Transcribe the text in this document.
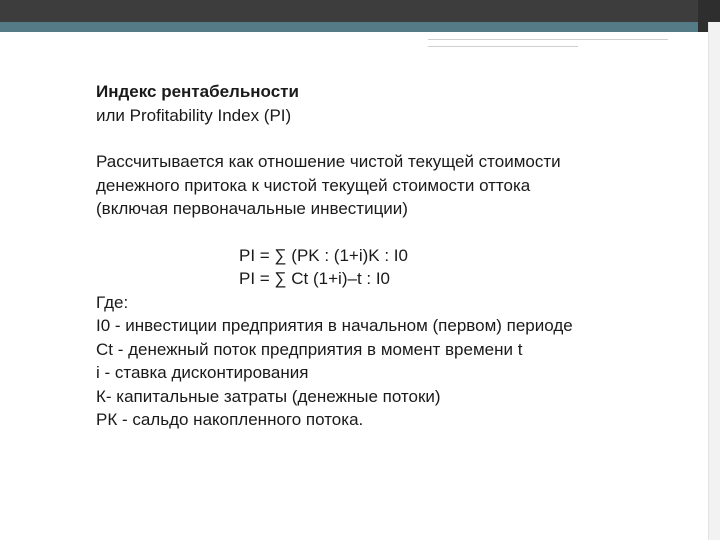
Индекс рентабельности
или Profitability Index (PI)
Рассчитывается как отношение чистой текущей стоимости
денежного притока к чистой текущей стоимости оттока
(включая первоначальные инвестиции)
PI = ∑ (PK : (1+i)K : I0
PI = ∑ Ct (1+i)–t : I0
Где:
I0 - инвестиции предприятия в начальном (первом) периоде
Ct - денежный поток предприятия в момент времени t
i - ставка дисконтирования
К- капитальные затраты (денежные потоки)
РК - сальдо накопленного потока.
